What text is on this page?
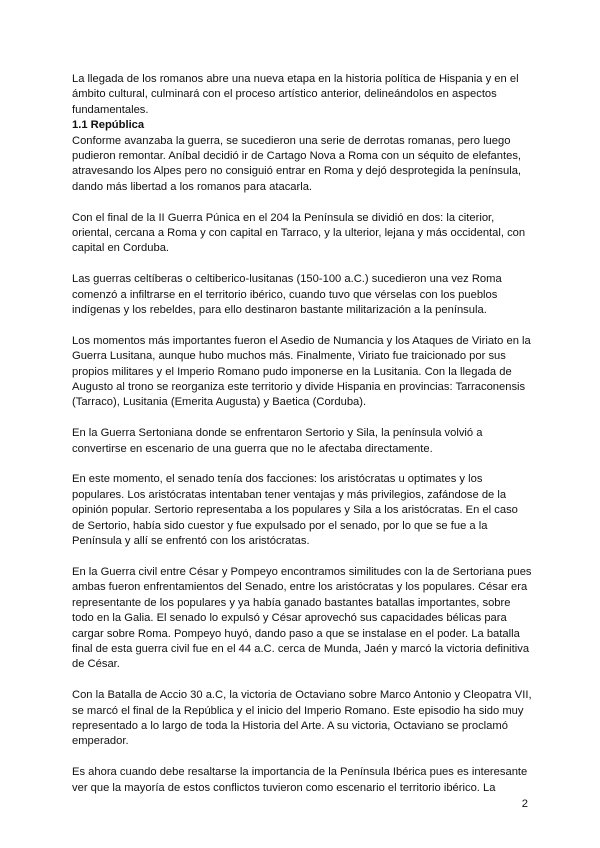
La llegada de los romanos abre una nueva etapa en la historia política de Hispania y en el ámbito cultural, culminará con el proceso artístico anterior, delineándolos en aspectos fundamentales.

1.1 República

Conforme avanzaba la guerra, se sucedieron una serie de derrotas romanas, pero luego pudieron remontar. Aníbal decidió ir de Cartago Nova a Roma con un séquito de elefantes, atravesando los Alpes pero no consiguió entrar en Roma y dejó desprotegida la península, dando más libertad a los romanos para atacarla.

Con el final de la II Guerra Púnica en el 204 la Península se dividió en dos: la citerior, oriental, cercana a Roma y con capital en Tarraco, y la ulterior, lejana y más occidental, con capital en Corduba.

Las guerras celtíberas o celtiberico-lusitanas (150-100 a.C.) sucedieron una vez Roma comenzó a infiltrarse en el territorio ibérico, cuando tuvo que vérselas con los pueblos indígenas y los rebeldes, para ello destinaron bastante militarización a la península.

Los momentos más importantes fueron el Asedio de Numancia y los Ataques de Viriato en la Guerra Lusitana, aunque hubo muchos más. Finalmente, Viriato fue traicionado por sus propios militares y el Imperio Romano pudo imponerse en la Lusitania. Con la llegada de Augusto al trono se reorganiza este territorio y divide Hispania en provincias: Tarraconensis (Tarraco), Lusitania (Emerita Augusta) y Baetica (Corduba).

En la Guerra Sertoniana donde se enfrentaron Sertorio y Sila, la península volvió a convertirse en escenario de una guerra que no le afectaba directamente.

En este momento, el senado tenía dos facciones: los aristócratas u optimates y los populares. Los aristócratas intentaban tener ventajas y más privilegios, zafándose de la opinión popular. Sertorio representaba a los populares y Sila a los aristócratas. En el caso de Sertorio, había sido cuestor y fue expulsado por el senado, por lo que se fue a la Península y allí se enfrentó con los aristócratas.

En la Guerra civil entre César y Pompeyo encontramos similitudes con la de Sertoriana pues ambas fueron enfrentamientos del Senado, entre los aristócratas y los populares. César era representante de los populares y ya había ganado bastantes batallas importantes, sobre todo en la Galia. El senado lo expulsó y César aprovechó sus capacidades bélicas para cargar sobre Roma. Pompeyo huyó, dando paso a que se instalase en el poder. La batalla final de esta guerra civil fue en el 44 a.C. cerca de Munda, Jaén y marcó la victoria definitiva de César.

Con la Batalla de Accio 30 a.C, la victoria de Octaviano sobre Marco Antonio y Cleopatra VII, se marcó el final de la República y el inicio del Imperio Romano. Este episodio ha sido muy representado a lo largo de toda la Historia del Arte. A su victoria, Octaviano se proclamó emperador.

Es ahora cuando debe resaltarse la importancia de la Península Ibérica pues es interesante ver que la mayoría de estos conflictos tuvieron como escenario el territorio ibérico. La

2
